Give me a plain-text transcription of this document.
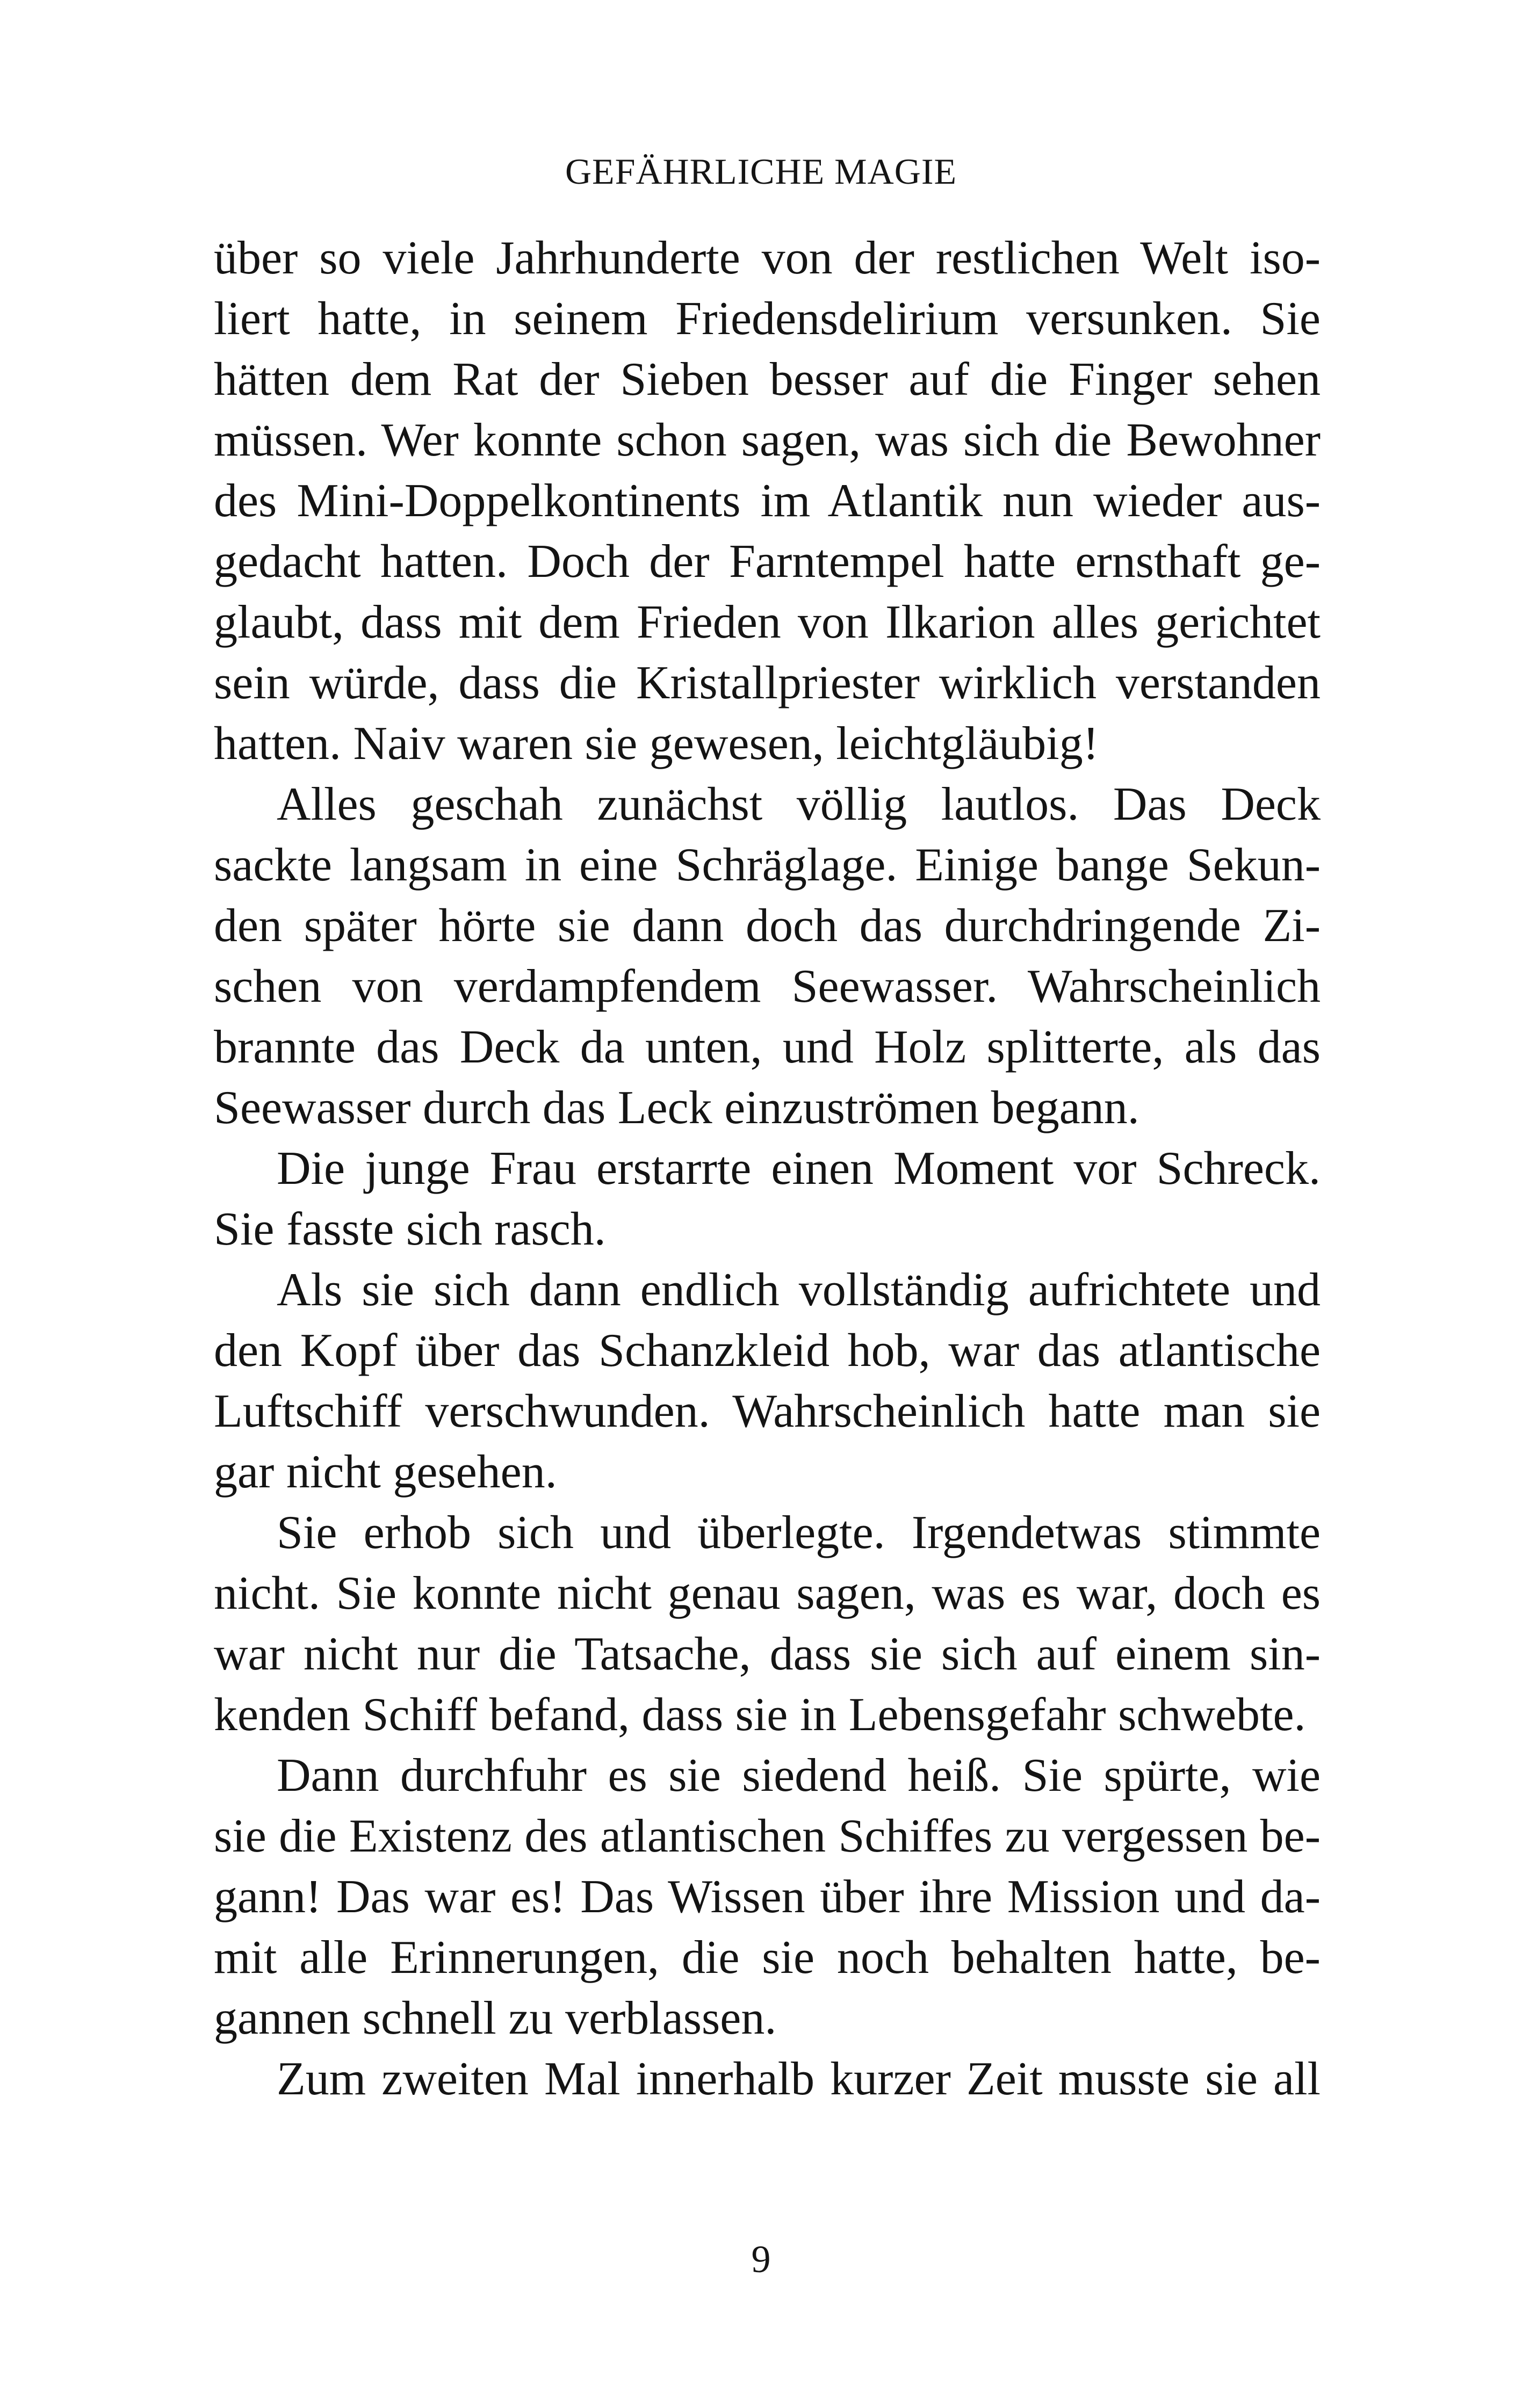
GEFÄHRLICHE MAGIE
über so viele Jahrhunderte von der restlichen Welt iso-
liert hatte, in seinem Friedensdelirium versunken. Sie
hätten dem Rat der Sieben besser auf die Finger sehen
müssen. Wer konnte schon sagen, was sich die Bewohner
des Mini-Doppelkontinents im Atlantik nun wieder aus-
gedacht hatten. Doch der Farntempel hatte ernsthaft ge-
glaubt, dass mit dem Frieden von Ilkarion alles gerichtet
sein würde, dass die Kristallpriester wirklich verstanden
hatten. Naiv waren sie gewesen, leichtgläubig!
Alles geschah zunächst völlig lautlos. Das Deck
sackte langsam in eine Schräglage. Einige bange Sekun-
den später hörte sie dann doch das durchdringende Zi-
schen von verdampfendem Seewasser. Wahrscheinlich
brannte das Deck da unten, und Holz splitterte, als das
Seewasser durch das Leck einzuströmen begann.
Die junge Frau erstarrte einen Moment vor Schreck.
Sie fasste sich rasch.
Als sie sich dann endlich vollständig aufrichtete und
den Kopf über das Schanzkleid hob, war das atlantische
Luftschiff verschwunden. Wahrscheinlich hatte man sie
gar nicht gesehen.
Sie erhob sich und überlegte. Irgendetwas stimmte
nicht. Sie konnte nicht genau sagen, was es war, doch es
war nicht nur die Tatsache, dass sie sich auf einem sin-
kenden Schiff befand, dass sie in Lebensgefahr schwebte.
Dann durchfuhr es sie siedend heiß. Sie spürte, wie
sie die Existenz des atlantischen Schiffes zu vergessen be-
gann! Das war es! Das Wissen über ihre Mission und da-
mit alle Erinnerungen, die sie noch behalten hatte, be-
gannen schnell zu verblassen.
Zum zweiten Mal innerhalb kurzer Zeit musste sie all
9
